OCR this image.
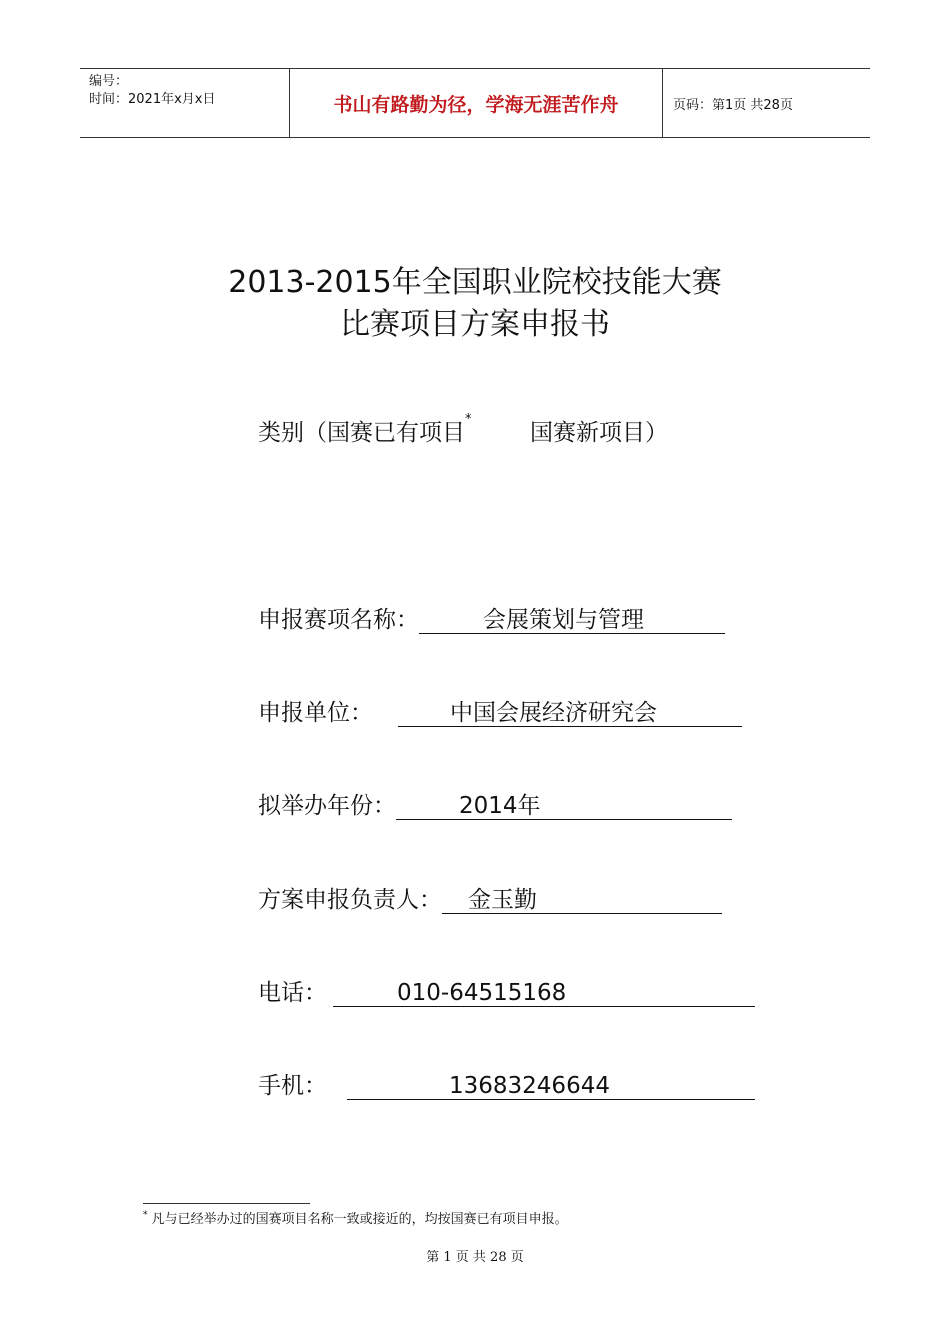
编号：
时间：2021年x月x日	书山有路勤为径，学海无涯苦作舟	页码：第1页 共28页
2013-2015年全国职业院校技能大赛
比赛项目方案申报书
类别（国赛已有项目*        国赛新项目）
申报赛项名称：	会展策划与管理
申报单位：	中国会展经济研究会
拟举办年份：	2014年
方案申报负责人：	金玉勤
电话：	010-64515168
手机：	13683246644
* 凡与已经举办过的国赛项目名称一致或接近的，均按国赛已有项目申报。
第 1 页 共 28 页
